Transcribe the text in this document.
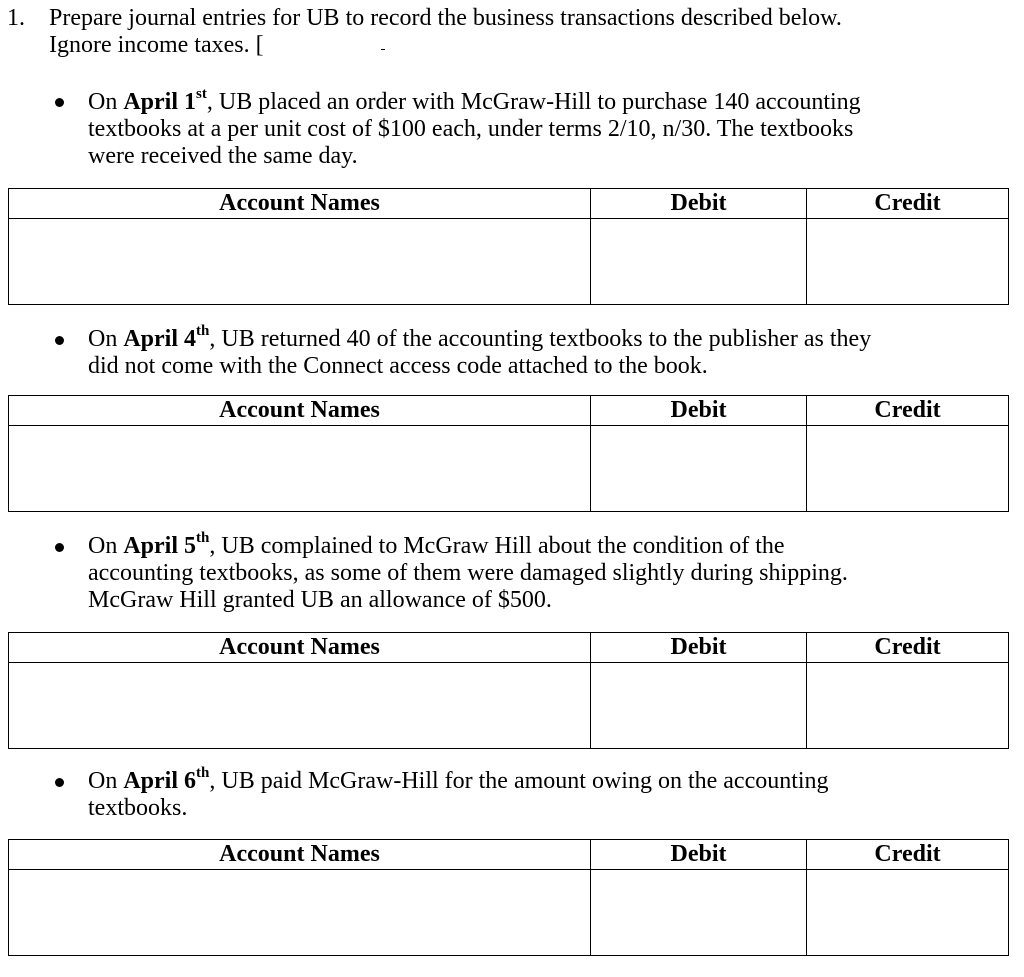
1. Prepare journal entries for UB to record the business transactions described below.
Ignore income taxes. [
On April 1st, UB placed an order with McGraw-Hill to purchase 140 accounting
textbooks at a per unit cost of $100 each, under terms 2/10, n/30. The textbooks
were received the same day.
Account Names	Debit	Credit

On April 4th, UB returned 40 of the accounting textbooks to the publisher as they
did not come with the Connect access code attached to the book.
Account Names	Debit	Credit

On April 5th, UB complained to McGraw Hill about the condition of the
accounting textbooks, as some of them were damaged slightly during shipping.
McGraw Hill granted UB an allowance of $500.
Account Names	Debit	Credit

On April 6th, UB paid McGraw-Hill for the amount owing on the accounting
textbooks.
Account Names	Debit	Credit
